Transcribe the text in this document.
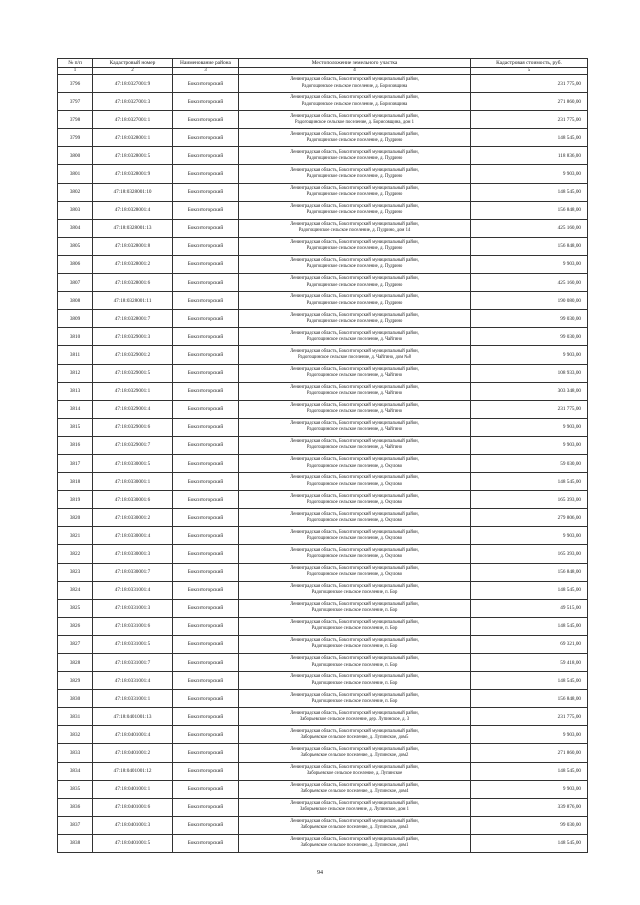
№ п/п	Кадастровый номер	Наименование района	Местоположение земельного участка	Кадастровая стоимость, руб.
1	2	3	4	5
3796	47:18:0327001:9	Бокситогорский	Ленинградская область, Бокситогорский муниципальный район,
Радогощинское сельское поселение, д. Борисовщина	231 775,00
3797	47:18:0327001:3	Бокситогорский	Ленинградская область, Бокситогорский муниципальный район,
Радогощинское сельское поселение, д. Борисовщина	271 860,00
3798	47:18:0327001:1	Бокситогорский	Ленинградская область, Бокситогорский муниципальный район,
Радогощинское сельское поселение, д. Борисовщина, дом 1	231 775,00
3799	47:18:0328001:1	Бокситогорский	Ленинградская область, Бокситогорский муниципальный район,
Радогощинское сельское поселение, д. Пудрино	148 545,00
3800	47:18:0328001:5	Бокситогорский	Ленинградская область, Бокситогорский муниципальный район,
Радогощинское сельское поселение, д. Пудрино	118 836,00
3801	47:18:0328001:9	Бокситогорский	Ленинградская область, Бокситогорский муниципальный район,
Радогощинское сельское поселение, д. Пудрино	9 903,00
3802	47:18:0328001:10	Бокситогорский	Ленинградская область, Бокситогорский муниципальный район,
Радогощинское сельское поселение, д. Пудрино	148 545,00
3803	47:18:0328001:4	Бокситогорский	Ленинградская область, Бокситогорский муниципальный район,
Радогощинское сельское поселение, д. Пудрино	156 848,00
3804	47:18:0328001:13	Бокситогорский	Ленинградская область, Бокситогорский муниципальный район,
Радогощинское сельское поселение, д. Пудрино, дом 14	425 160,00
3805	47:18:0328001:8	Бокситогорский	Ленинградская область, Бокситогорский муниципальный район,
Радогощинское сельское поселение, д. Пудрино	156 848,00
3806	47:18:0328001:2	Бокситогорский	Ленинградская область, Бокситогорский муниципальный район,
Радогощинское сельское поселение, д. Пудрино	9 903,00
3807	47:18:0328001:6	Бокситогорский	Ленинградская область, Бокситогорский муниципальный район,
Радогощинское сельское поселение, д. Пудрино	425 160,00
3808	47:18:0328001:11	Бокситогорский	Ленинградская область, Бокситогорский муниципальный район,
Радогощинское сельское поселение, д. Пудрино	190 080,00
3809	47:18:0328001:7	Бокситогорский	Ленинградская область, Бокситогорский муниципальный район,
Радогощинское сельское поселение, д. Пудрино	99 030,00
3810	47:18:0329001:3	Бокситогорский	Ленинградская область, Бокситогорский муниципальный район,
Радогощинское сельское поселение, д. Чайгино	99 030,00
3811	47:18:0329001:2	Бокситогорский	Ленинградская область, Бокситогорский муниципальный район,
Радогощинское сельское поселение, д. Чайгино, дом №8	9 903,00
3812	47:18:0329001:5	Бокситогорский	Ленинградская область, Бокситогорский муниципальный район,
Радогощинское сельское поселение, д. Чайгино	108 933,00
3813	47:18:0329001:1	Бокситогорский	Ленинградская область, Бокситогорский муниципальный район,
Радогощинское сельское поселение, д. Чайгино	303 348,00
3814	47:18:0329001:4	Бокситогорский	Ленинградская область, Бокситогорский муниципальный район,
Радогощинское сельское поселение, д. Чайгино	231 775,00
3815	47:18:0329001:6	Бокситогорский	Ленинградская область, Бокситогорский муниципальный район,
Радогощинское сельское поселение, д. Чайгино	9 903,00
3816	47:18:0329001:7	Бокситогорский	Ленинградская область, Бокситогорский муниципальный район,
Радогощинское сельское поселение, д. Чайгино	9 903,00
3817	47:18:0330001:5	Бокситогорский	Ленинградская область, Бокситогорский муниципальный район,
Радогощинское сельское поселение, д. Окулово	59 030,00
3818	47:18:0330001:1	Бокситогорский	Ленинградская область, Бокситогорский муниципальный район,
Радогощинское сельское поселение, д. Окулово	148 545,00
3819	47:18:0330001:6	Бокситогорский	Ленинградская область, Бокситогорский муниципальный район,
Радогощинское сельское поселение, д. Окулово	165 393,00
3820	47:18:0330001:2	Бокситогорский	Ленинградская область, Бокситогорский муниципальный район,
Радогощинское сельское поселение, д. Окулово	279 806,00
3821	47:18:0330001:4	Бокситогорский	Ленинградская область, Бокситогорский муниципальный район,
Радогощинское сельское поселение, д. Окулово	9 903,00
3822	47:18:0330001:3	Бокситогорский	Ленинградская область, Бокситогорский муниципальный район,
Радогощинское сельское поселение, д. Окулово	165 393,00
3823	47:18:0330001:7	Бокситогорский	Ленинградская область, Бокситогорский муниципальный район,
Радогощинское сельское поселение, д. Окулово	156 848,00
3824	47:18:0331001:4	Бокситогорский	Ленинградская область, Бокситогорский муниципальный район,
Радогощинское сельское поселение, п. Бор	148 545,00
3825	47:18:0331001:3	Бокситогорский	Ленинградская область, Бокситогорский муниципальный район,
Радогощинское сельское поселение, п. Бор	49 515,00
3826	47:18:0331001:6	Бокситогорский	Ленинградская область, Бокситогорский муниципальный район,
Радогощинское сельское поселение, п. Бор	148 545,00
3827	47:18:0331001:5	Бокситогорский	Ленинградская область, Бокситогорский муниципальный район,
Радогощинское сельское поселение, п. Бор	69 321,00
3828	47:18:0331001:7	Бокситогорский	Ленинградская область, Бокситогорский муниципальный район,
Радогощинское сельское поселение, п. Бор	59 418,00
3829	47:18:0331001:4	Бокситогорский	Ленинградская область, Бокситогорский муниципальный район,
Радогощинское сельское поселение, п. Бор	148 545,00
3830	47:18:0331001:1	Бокситогорский	Ленинградская область, Бокситогорский муниципальный район,
Радогощинское сельское поселение, п. Бор	156 848,00
3831	47:18:0401001:13	Бокситогорский	Ленинградская область, Бокситогорский муниципальный район,
Заборьевское сельское поселение, дер. Лупинское, д. 3	231 775,00
3832	47:18:0401001:4	Бокситогорский	Ленинградская область, Бокситогорский муниципальный район,
Заборьевское сельское поселение, д. Лупинское, дом5	9 903,00
3833	47:18:0401001:2	Бокситогорский	Ленинградская область, Бокситогорский муниципальный район,
Заборьевское сельское поселение, д. Лупинское, дом2	271 860,00
3834	47:18:0401001:12	Бокситогорский	Ленинградская область, Бокситогорский муниципальный район,
Заборьевское сельское поселение, д. Лупинское	148 545,00
3835	47:18:0401001:1	Бокситогорский	Ленинградская область, Бокситогорский муниципальный район,
Заборьевское сельское поселение, д. Лупинское, дом4	9 903,00
3836	47:18:0401001:6	Бокситогорский	Ленинградская область, Бокситогорский муниципальный район,
Заборьевское сельское поселение, д. Лупинское, дом 1	339 876,00
3837	47:18:0401001:3	Бокситогорский	Ленинградская область, Бокситогорский муниципальный район,
Заборьевское сельское поселение, д. Лупинское, дом3	99 030,00
3838	47:18:0401001:5	Бокситогорский	Ленинградская область, Бокситогорский муниципальный район,
Заборьевское сельское поселение, д. Лупинское, дом1	148 545,00
94
